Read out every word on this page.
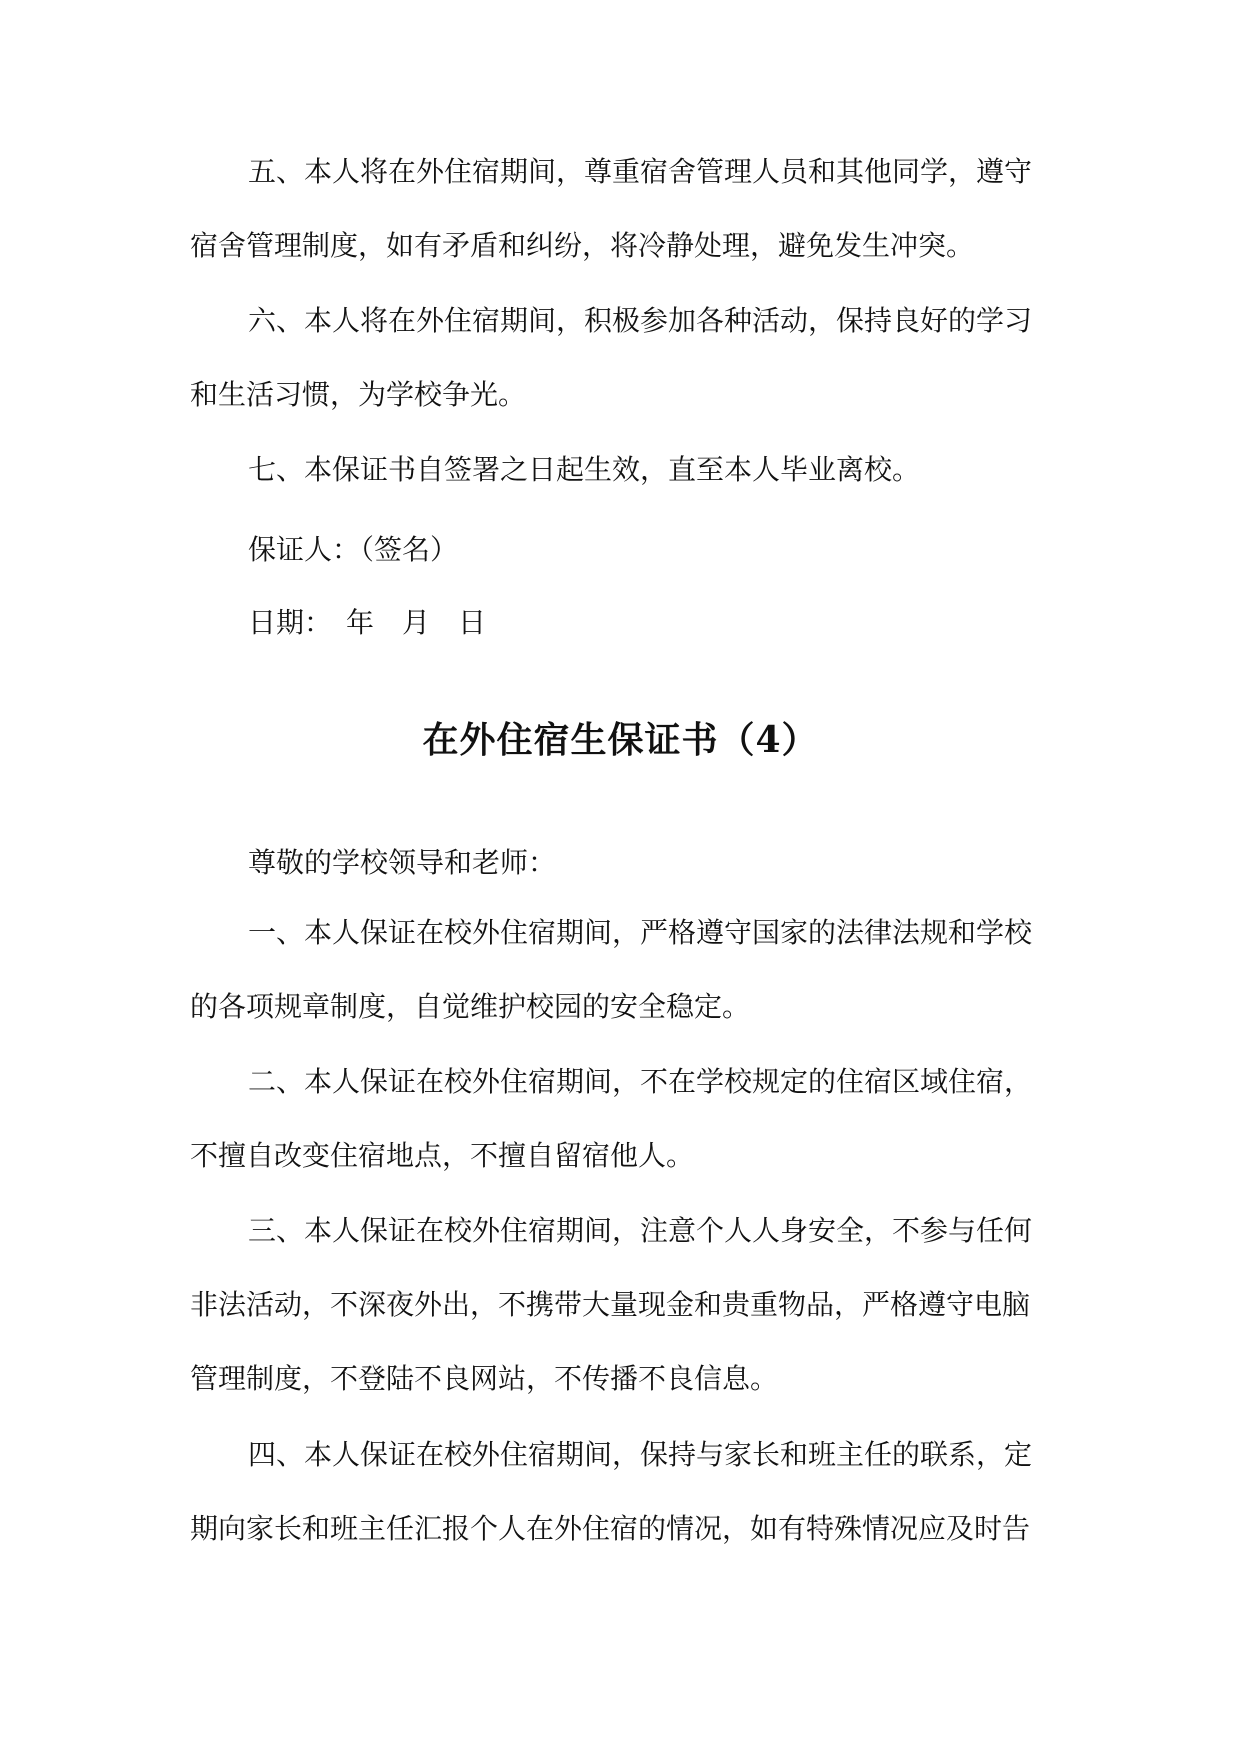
五、本人将在外住宿期间，尊重宿舍管理人员和其他同学，遵守宿舍管理制度，如有矛盾和纠纷，将冷静处理，避免发生冲突。

六、本人将在外住宿期间，积极参加各种活动，保持良好的学习和生活习惯，为学校争光。

七、本保证书自签署之日起生效，直至本人毕业离校。

保证人：（签名）

日期：　年　月　日

在外住宿生保证书（4）

尊敬的学校领导和老师：

一、本人保证在校外住宿期间，严格遵守国家的法律法规和学校的各项规章制度，自觉维护校园的安全稳定。

二、本人保证在校外住宿期间，不在学校规定的住宿区域住宿，不擅自改变住宿地点，不擅自留宿他人。

三、本人保证在校外住宿期间，注意个人人身安全，不参与任何非法活动，不深夜外出，不携带大量现金和贵重物品，严格遵守电脑管理制度，不登陆不良网站，不传播不良信息。

四、本人保证在校外住宿期间，保持与家长和班主任的联系，定期向家长和班主任汇报个人在外住宿的情况，如有特殊情况应及时告
